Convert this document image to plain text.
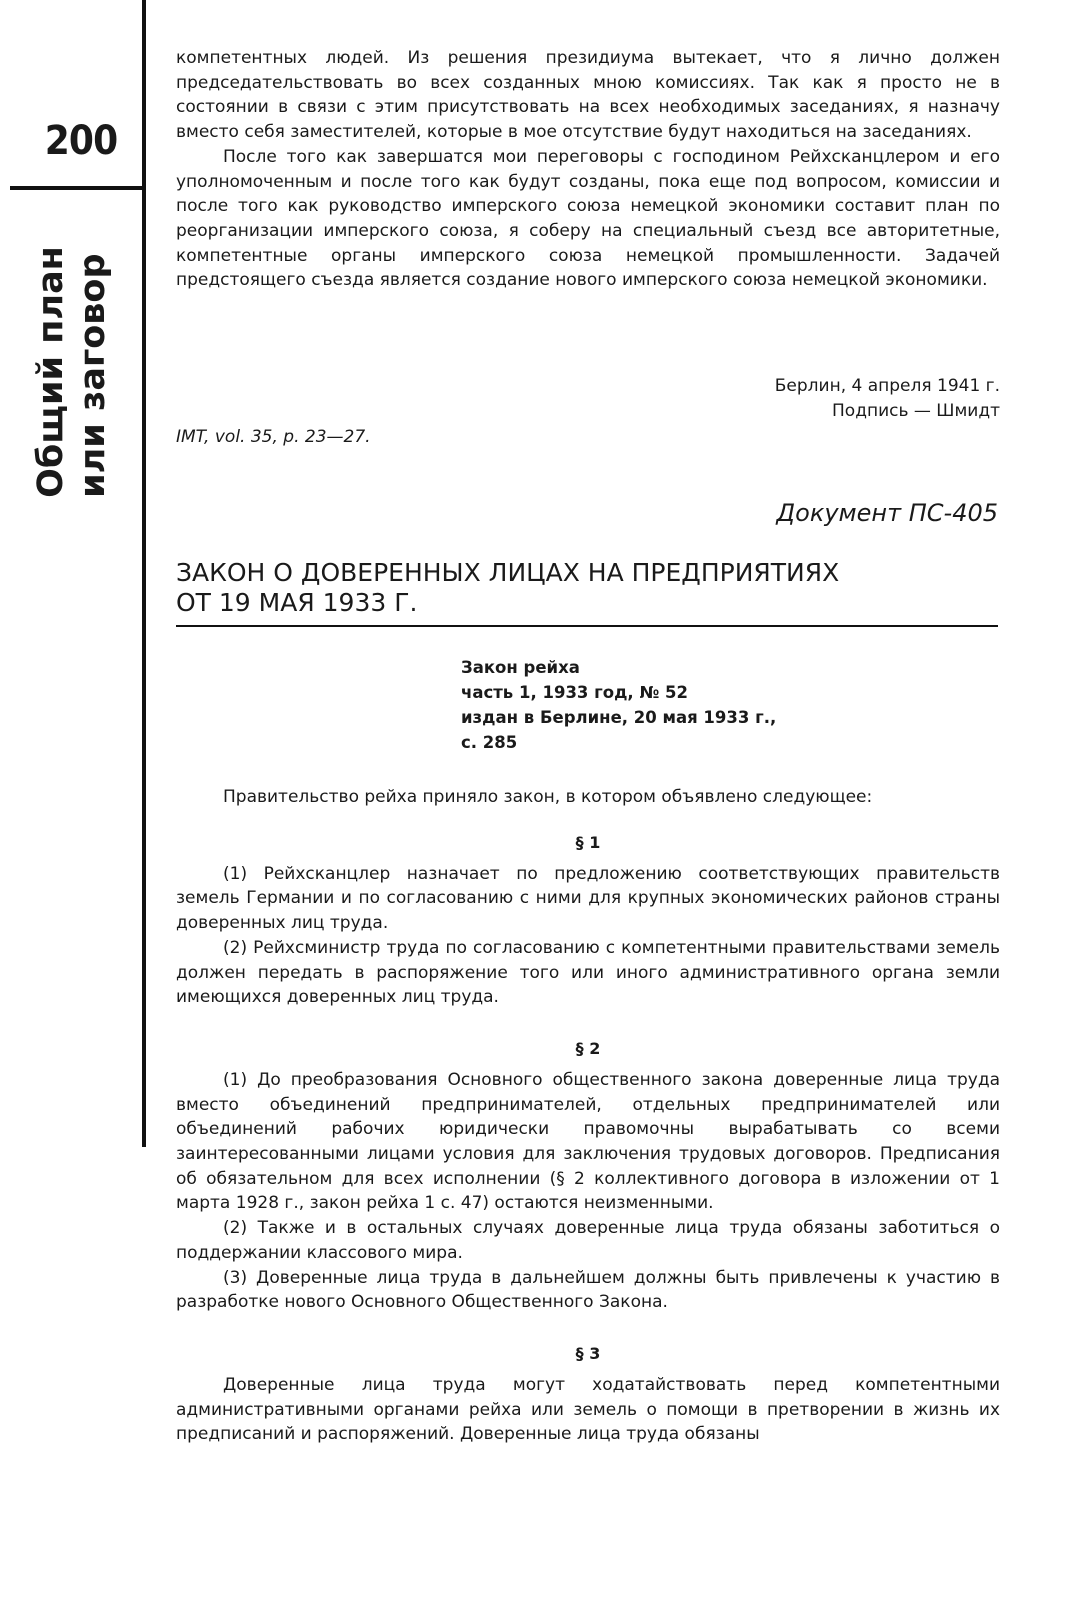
200
Общий план или заговор

компетентных людей. Из решения президиума вытекает, что я лично должен председательствовать во всех созданных мною комиссиях. Так как я просто не в состоянии в связи с этим присутствовать на всех необходимых заседаниях, я назначу вместо себя заместителей, которые в мое отсутствие будут находиться на заседаниях.

После того как завершатся мои переговоры с господином Рейхсканцлером и его уполномоченным и после того как будут созданы, пока еще под вопросом, комиссии и после того как руководство имперского союза немецкой экономики составит план по реорганизации имперского союза, я соберу на специальный съезд все авторитетные, компетентные органы имперского союза немецкой промышленности. Задачей предстоящего съезда является создание нового имперского союза немецкой экономики.

Берлин, 4 апреля 1941 г.
Подпись — Шмидт
IMT, vol. 35, p. 23—27.
Документ ПС-405
ЗАКОН О ДОВЕРЕННЫХ ЛИЦАХ НА ПРЕДПРИЯТИЯХ
ОТ 19 МАЯ 1933 Г.
Закон рейха
часть 1, 1933 год, № 52
издан в Берлине, 20 мая 1933 г.,
с. 285

Правительство рейха приняло закон, в котором объявлено следующее:

§ 1

(1) Рейхсканцлер назначает по предложению соответствующих правительств земель Германии и по согласованию с ними для крупных экономических районов страны доверенных лиц труда.

(2) Рейхсминистр труда по согласованию с компетентными правительствами земель должен передать в распоряжение того или иного административного органа земли имеющихся доверенных лиц труда.

§ 2

(1) До преобразования Основного общественного закона доверенные лица труда вместо объединений предпринимателей, отдельных предпринимателей или объединений рабочих юридически правомочны вырабатывать со всеми заинтересованными лицами условия для заключения трудовых договоров. Предписания об обязательном для всех исполнении (§ 2 коллективного договора в изложении от 1 марта 1928 г., закон рейха 1 с. 47) остаются неизменными.

(2) Также и в остальных случаях доверенные лица труда обязаны заботиться о поддержании классового мира.

(3) Доверенные лица труда в дальнейшем должны быть привлечены к участию в разработке нового Основного Общественного Закона.

§ 3

Доверенные лица труда могут ходатайствовать перед компетентными административными органами рейха или земель о помощи в претворении в жизнь их предписаний и распоряжений. Доверенные лица труда обязаны
